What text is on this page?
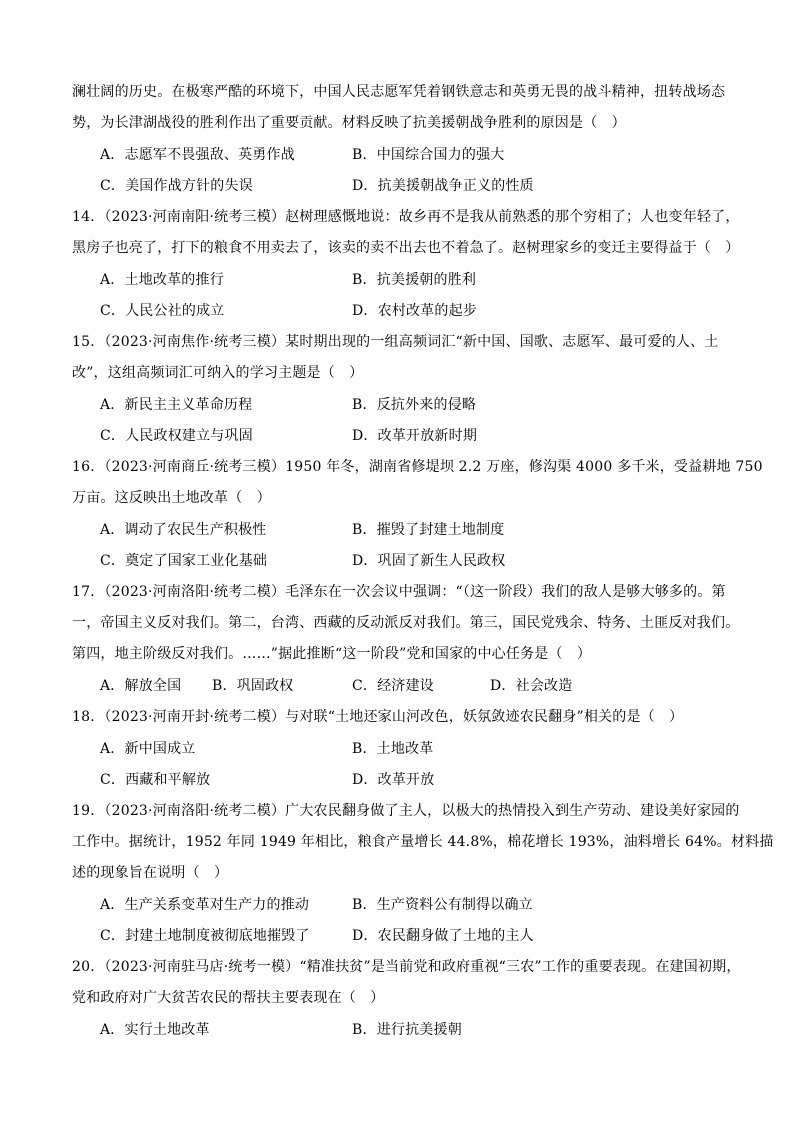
澜壮阔的历史。在极寒严酷的环境下，中国人民志愿军凭着钢铁意志和英勇无畏的战斗精神，扭转战场态
势，为长津湖战役的胜利作出了重要贡献。材料反映了抗美援朝战争胜利的原因是（　）
A．志愿军不畏强敌、英勇作战	B．中国综合国力的强大
C．美国作战方针的失误	D．抗美援朝战争正义的性质
14．（2023·河南南阳·统考三模）赵树理感慨地说：故乡再不是我从前熟悉的那个穷相了；人也变年轻了，
黑房子也亮了，打下的粮食不用卖去了，该卖的卖不出去也不着急了。赵树理家乡的变迁主要得益于（　）
A．土地改革的推行	B．抗美援朝的胜利
C．人民公社的成立	D．农村改革的起步
15．（2023·河南焦作·统考三模）某时期出现的一组高频词汇“新中国、国歌、志愿军、最可爱的人、土
改”，这组高频词汇可纳入的学习主题是（　）
A．新民主主义革命历程	B．反抗外来的侵略
C．人民政权建立与巩固	D．改革开放新时期
16．（2023·河南商丘·统考三模）1950 年冬，湖南省修堤坝 2.2 万座，修沟渠 4000 多千米，受益耕地 750
万亩。这反映出土地改革（　）
A．调动了农民生产积极性	B．摧毁了封建土地制度
C．奠定了国家工业化基础	D．巩固了新生人民政权
17．（2023·河南洛阳·统考二模）毛泽东在一次会议中强调：“（这一阶段）我们的敌人是够大够多的。第
一，帝国主义反对我们。第二，台湾、西藏的反动派反对我们。第三，国民党残余、特务、土匪反对我们。
第四，地主阶级反对我们。……”据此推断“这一阶段”党和国家的中心任务是（　）
A．解放全国 B．巩固政权	C．经济建设	D．社会改造
18．（2023·河南开封·统考二模）与对联“土地还家山河改色，妖氛敛迹农民翻身”相关的是（　）
A．新中国成立	B．土地改革
C．西藏和平解放	D．改革开放
19．（2023·河南洛阳·统考二模）广大农民翻身做了主人，以极大的热情投入到生产劳动、建设美好家园的
工作中。据统计，1952 年同 1949 年相比，粮食产量增长 44.8%，棉花增长 193%，油料增长 64%。材料描
述的现象旨在说明（　）
A．生产关系变革对生产力的推动	B．生产资料公有制得以确立
C．封建土地制度被彻底地摧毁了	D．农民翻身做了土地的主人
20．（2023·河南驻马店·统考一模）“精准扶贫”是当前党和政府重视“三农”工作的重要表现。在建国初期，
党和政府对广大贫苦农民的帮扶主要表现在（　）
A．实行土地改革	B．进行抗美援朝
